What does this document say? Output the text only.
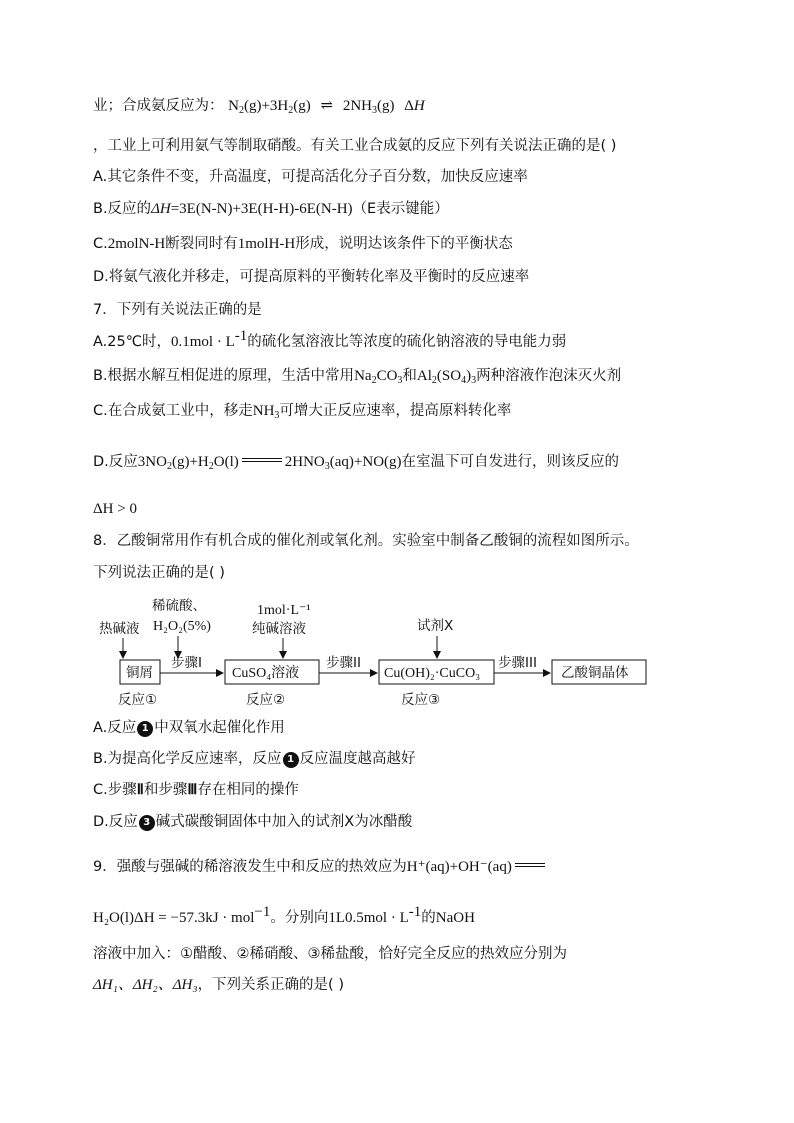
业；合成氨反应为： $N_2(g)+3H_2(g)$ ⇌ $2NH_3(g)$ ΔH
，工业上可利用氨气等制取硝酸。有关工业合成氨的反应下列有关说法正确的是( )
A.其它条件不变，升高温度，可提高活化分子百分数，加快反应速率
B.反应的ΔH=3E(N-N)+3E(H-H)-6E(N-H)（E表示键能）
C.2molN-H断裂同时有1molH-H形成，说明达该条件下的平衡状态
D.将氨气液化并移走，可提高原料的平衡转化率及平衡时的反应速率
7．下列有关说法正确的是
A.25℃时，$0.1mol \cdot L^{-1}$的硫化氢溶液比等浓度的硫化钠溶液的导电能力弱
B.根据水解互相促进的原理，生活中常用$Na_2CO_3$和$Al_2(SO_4)_3$两种溶液作泡沫灭火剂
C.在合成氨工业中，移走$NH_3$可增大正反应速率，提高原料转化率
D.反应$3NO_2(g)+H_2O(l)$	$2HNO_3(aq)+NO(g)$在室温下可自发进行，则该反应的
ΔH > 0
8．乙酸铜常用作有机合成的催化剂或氧化剂。实验室中制备乙酸铜的流程如图所示。
下列说法正确的是( )
热碱液
稀硫酸、
H₂O₂(5%)
1mol·L⁻¹
纯碱溶液	试剂X
铜屑	CuSO₄溶液	Cu(OH)₂·CuCO₃	乙酸铜晶体
步骤I	步骤II	步骤III
反应①	反应②	反应③
A.反应 1 中双氧水起催化作用
B.为提高化学反应速率，反应 1 反应温度越高越好
C.步骤Ⅱ和步骤Ⅲ存在相同的操作
D.反应 3 碱式碳酸铜固体中加入的试剂X为冰醋酸
9．强酸与强碱的稀溶液发生中和反应的热效应为H⁺(aq)+OH⁻(aq)
H₂O(l)ΔH = −57.3kJ · mol$^{-1}$。分别向$1L0.5mol \cdot L^{-1}$的NaOH
溶液中加入：①醋酸、②稀硝酸、③稀盐酸，恰好完全反应的热效应分别为
ΔH₁、ΔH₂、ΔH₃，下列关系正确的是( )
